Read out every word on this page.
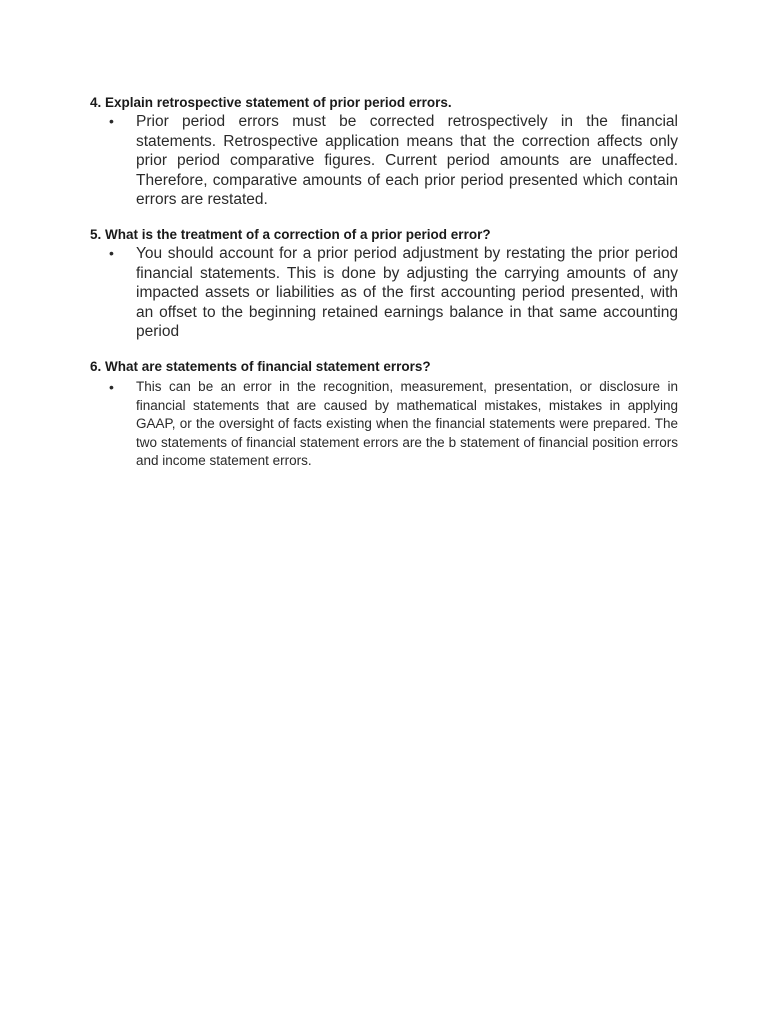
4. Explain retrospective statement of prior period errors.

• Prior period errors must be corrected retrospectively in the financial statements. Retrospective application means that the correction affects only prior period comparative figures. Current period amounts are unaffected. Therefore, comparative amounts of each prior period presented which contain errors are restated.

5. What is the treatment of a correction of a prior period error?

• You should account for a prior period adjustment by restating the prior period financial statements. This is done by adjusting the carrying amounts of any impacted assets or liabilities as of the first accounting period presented, with an offset to the beginning retained earnings balance in that same accounting period

6. What are statements of financial statement errors?

• This can be an error in the recognition, measurement, presentation, or disclosure in financial statements that are caused by mathematical mistakes, mistakes in applying GAAP, or the oversight of facts existing when the financial statements were prepared. The two statements of financial statement errors are the b statement of financial position errors and income statement errors.
